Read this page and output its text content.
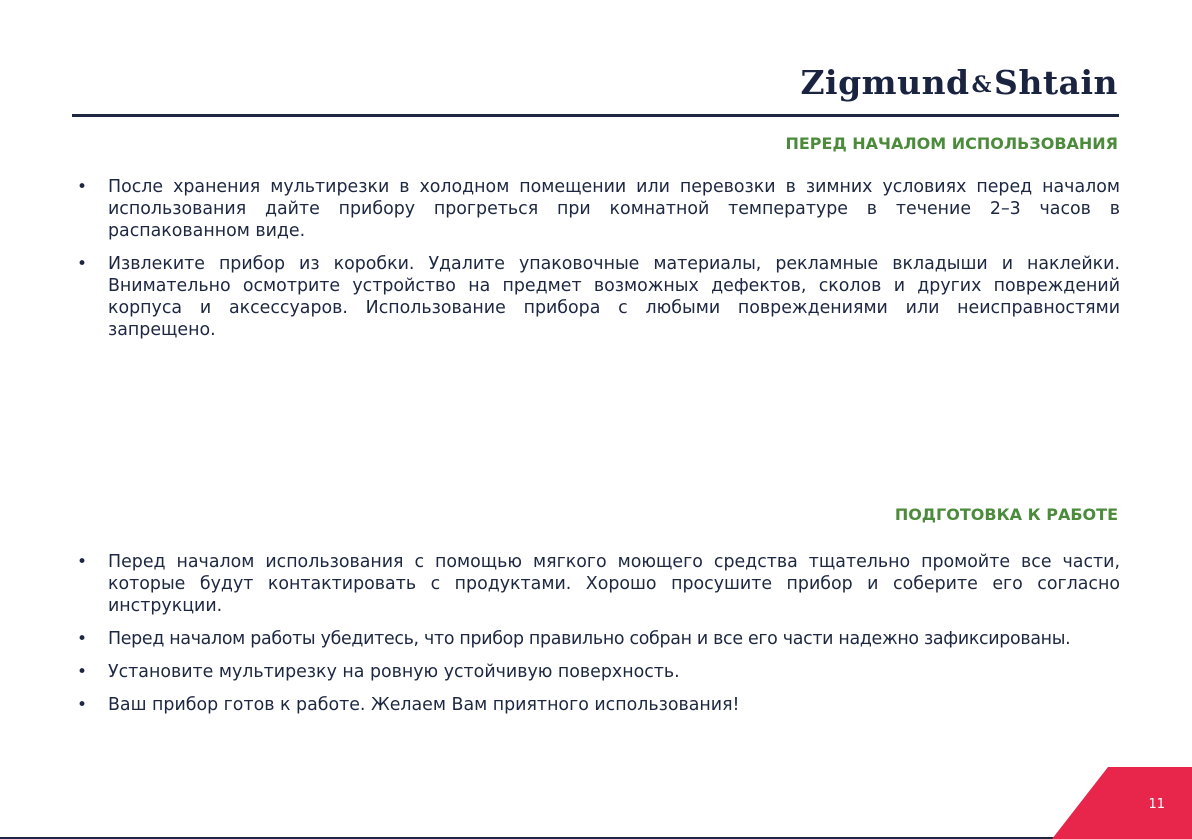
Zigmund&Shtain
ПЕРЕД НАЧАЛОМ ИСПОЛЬЗОВАНИЯ
• После хранения мультирезки в холодном помещении или перевозки в зимних условиях перед началом использования дайте прибору прогреться при комнатной температуре в течение 2–3 часов в распакованном виде.
• Извлеките прибор из коробки. Удалите упаковочные материалы, рекламные вкладыши и наклейки. Внимательно осмотрите устройство на предмет возможных дефектов, сколов и других повреждений корпуса и аксессуаров. Использование прибора с любыми повреждениями или неисправностями запрещено.
ПОДГОТОВКА К РАБОТЕ
• Перед началом использования с помощью мягкого моющего средства тщательно промойте все части, которые будут контактировать с продуктами. Хорошо просушите прибор и соберите его согласно инструкции.
• Перед началом работы убедитесь, что прибор правильно собран и все его части надежно зафиксированы.
• Установите мультирезку на ровную устойчивую поверхность.
• Ваш прибор готов к работе. Желаем Вам приятного использования!
11
